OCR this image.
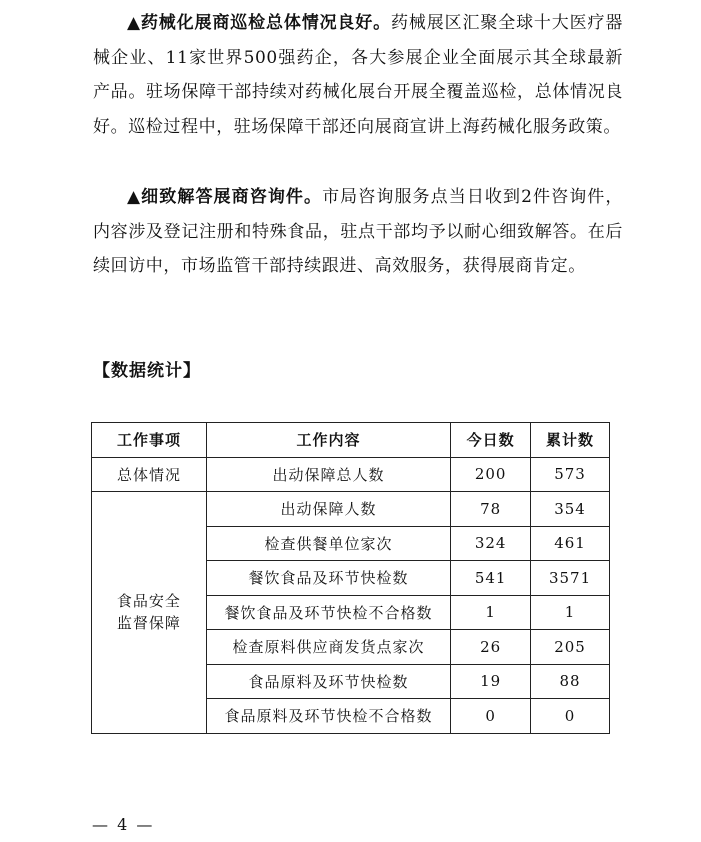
▲药械化展商巡检总体情况良好。药械展区汇聚全球十大医疗器械企业、11家世界500强药企，各大参展企业全面展示其全球最新产品。驻场保障干部持续对药械化展台开展全覆盖巡检，总体情况良好。巡检过程中，驻场保障干部还向展商宣讲上海药械化服务政策。

▲细致解答展商咨询件。市局咨询服务点当日收到2件咨询件，内容涉及登记注册和特殊食品，驻点干部均予以耐心细致解答。在后续回访中，市场监管干部持续跟进、高效服务，获得展商肯定。

【数据统计】

工作事项	工作内容	今日数	累计数
总体情况	出动保障总人数	200	573

食品安全监督保障	出动保障人数	78	354
	检查供餐单位家次	324	461
	餐饮食品及环节快检数	541	3571
	餐饮食品及环节快检不合格数	1	1
	检查原料供应商发货点家次	26	205
	食品原料及环节快检数	19	88
	食品原料及环节快检不合格数	0	0

— 4 —
